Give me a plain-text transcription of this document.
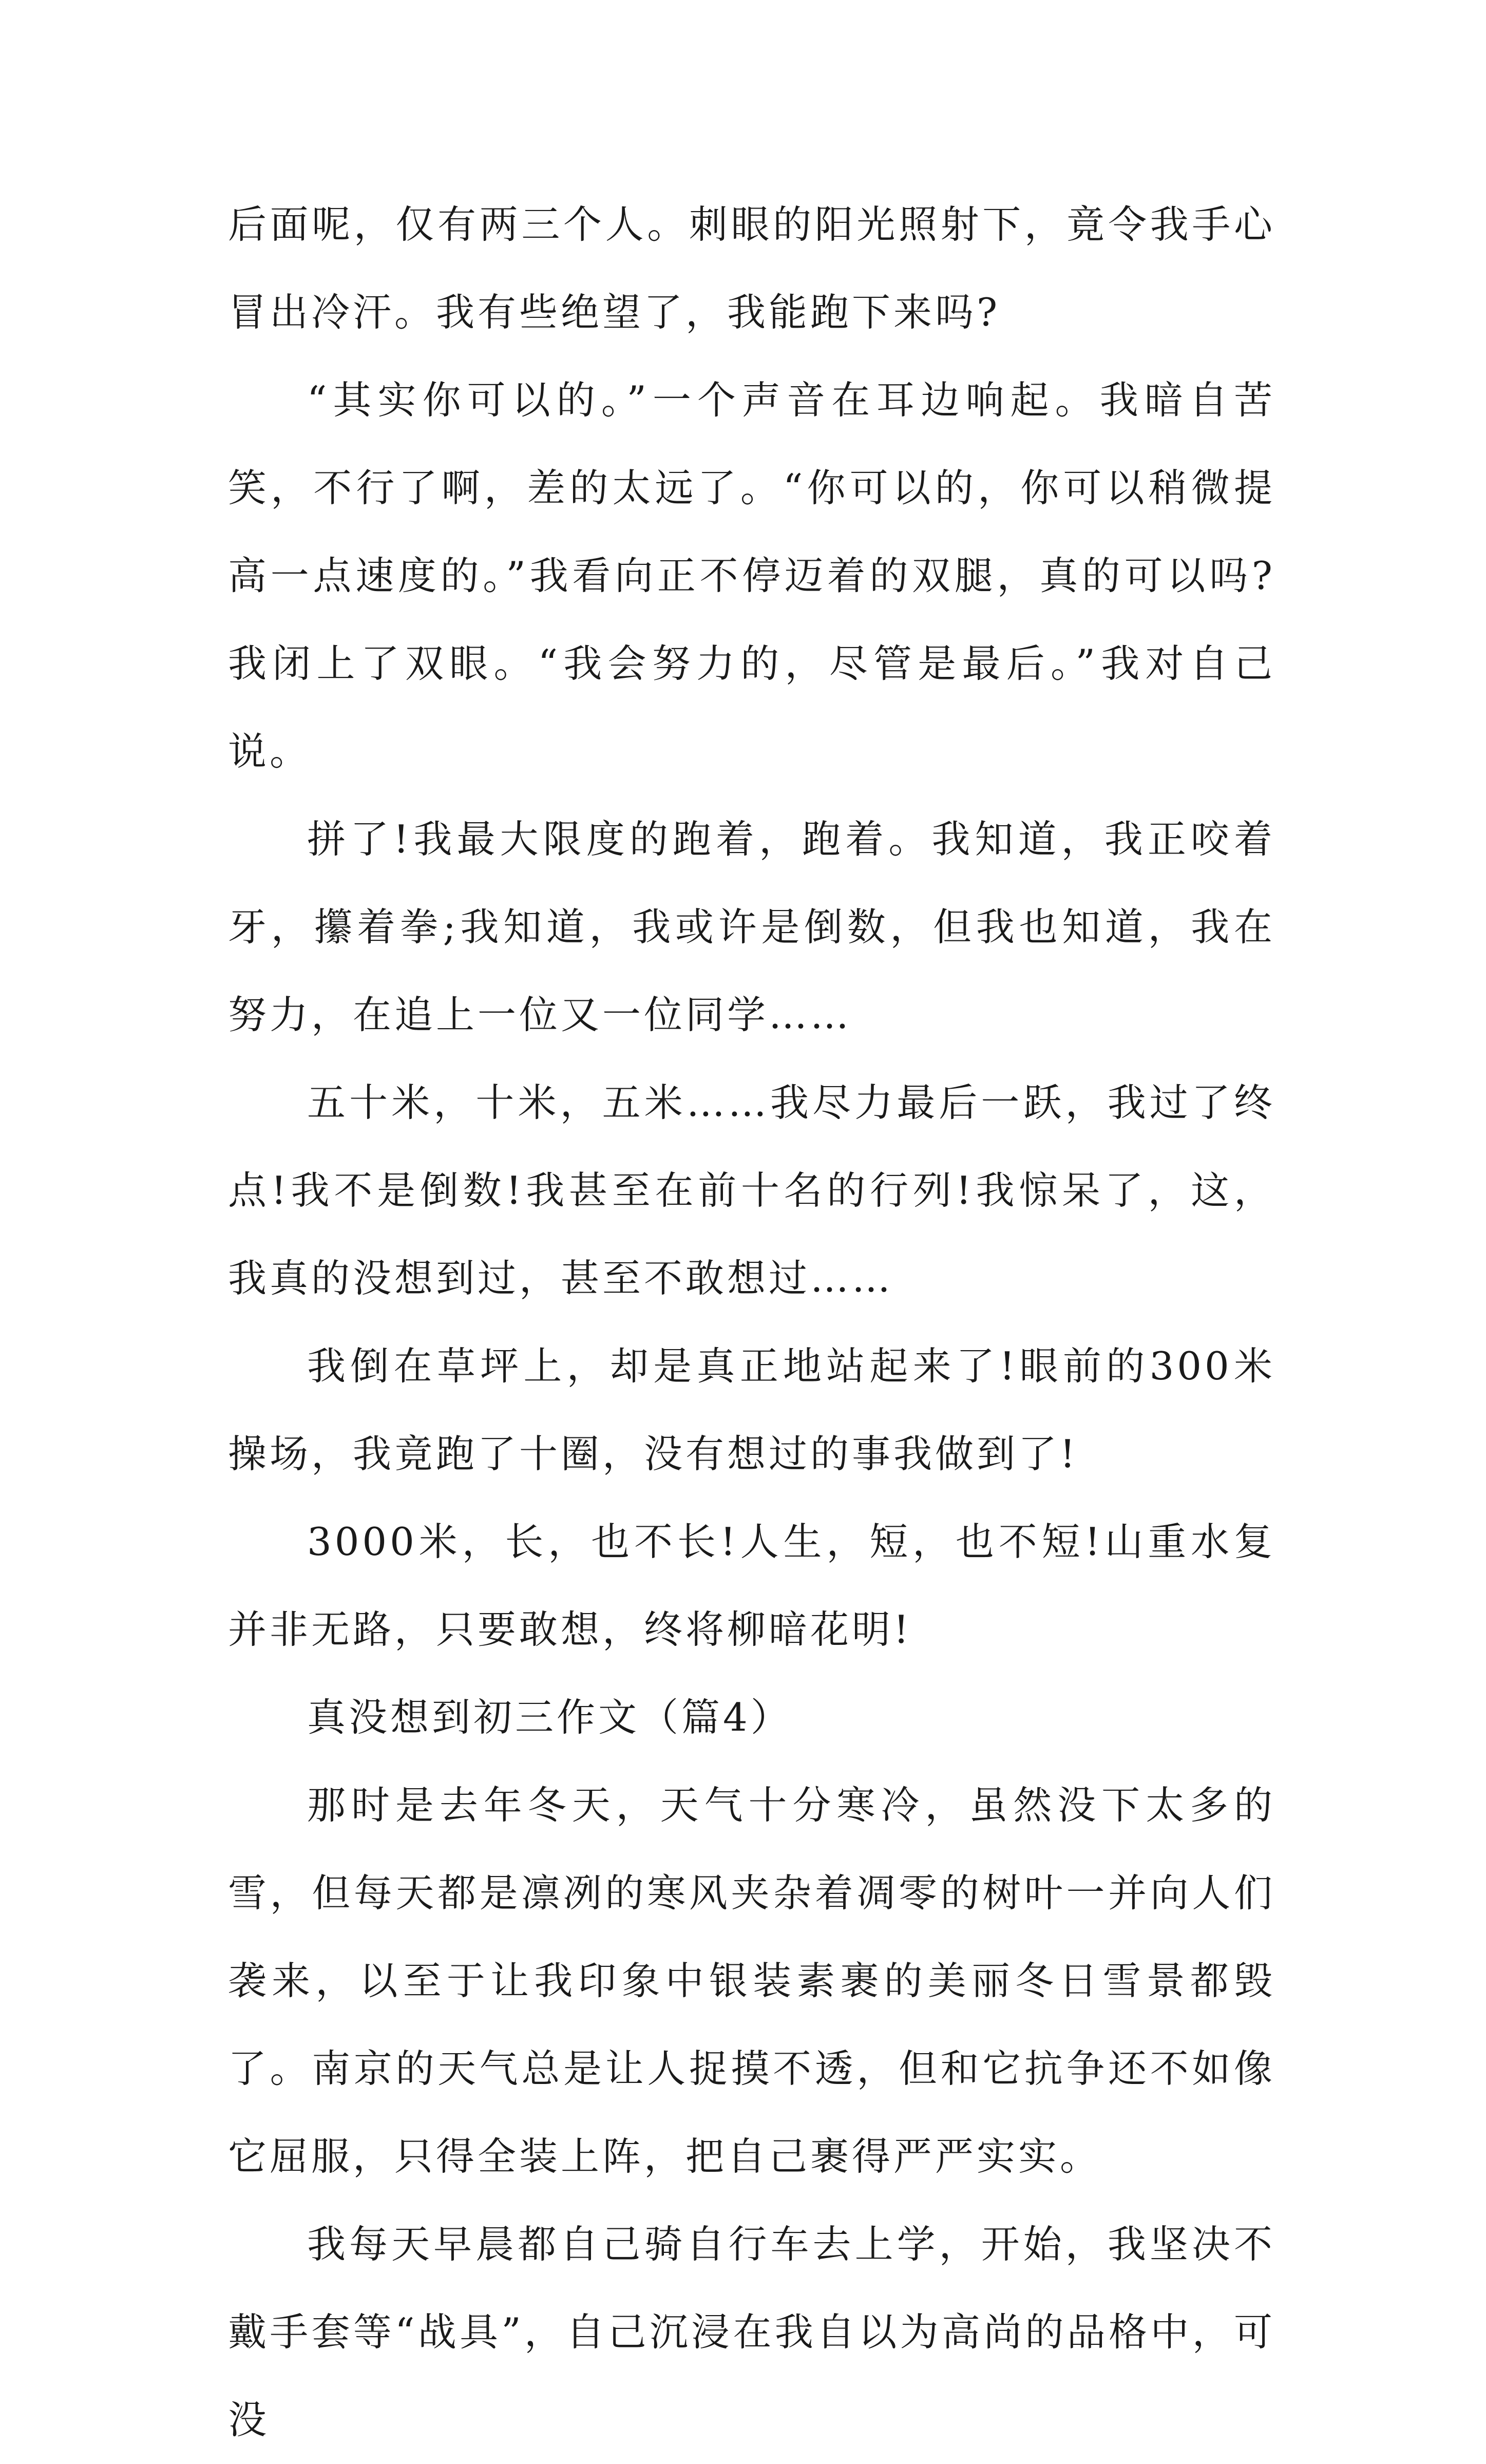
后面呢，仅有两三个人。刺眼的阳光照射下，竟令我手心冒出冷汗。我有些绝望了，我能跑下来吗?

“其实你可以的。”一个声音在耳边响起。我暗自苦笑，不行了啊，差的太远了。“你可以的，你可以稍微提高一点速度的。”我看向正不停迈着的双腿，真的可以吗?我闭上了双眼。“我会努力的，尽管是最后。”我对自己说。

拼了!我最大限度的跑着，跑着。我知道，我正咬着牙，攥着拳;我知道，我或许是倒数，但我也知道，我在努力，在追上一位又一位同学……

五十米，十米，五米……我尽力最后一跃，我过了终点!我不是倒数!我甚至在前十名的行列!我惊呆了，这，我真的没想到过，甚至不敢想过……

我倒在草坪上，却是真正地站起来了!眼前的300米操场，我竟跑了十圈，没有想过的事我做到了!

3000米，长，也不长!人生，短，也不短!山重水复并非无路，只要敢想，终将柳暗花明!

真没想到初三作文（篇4）

那时是去年冬天，天气十分寒冷，虽然没下太多的雪，但每天都是凛冽的寒风夹杂着凋零的树叶一并向人们袭来，以至于让我印象中银装素裹的美丽冬日雪景都毁了。南京的天气总是让人捉摸不透，但和它抗争还不如像它屈服，只得全装上阵，把自己裹得严严实实。

我每天早晨都自己骑自行车去上学，开始，我坚决不戴手套等“战具”，自己沉浸在我自以为高尚的品格中，可没
